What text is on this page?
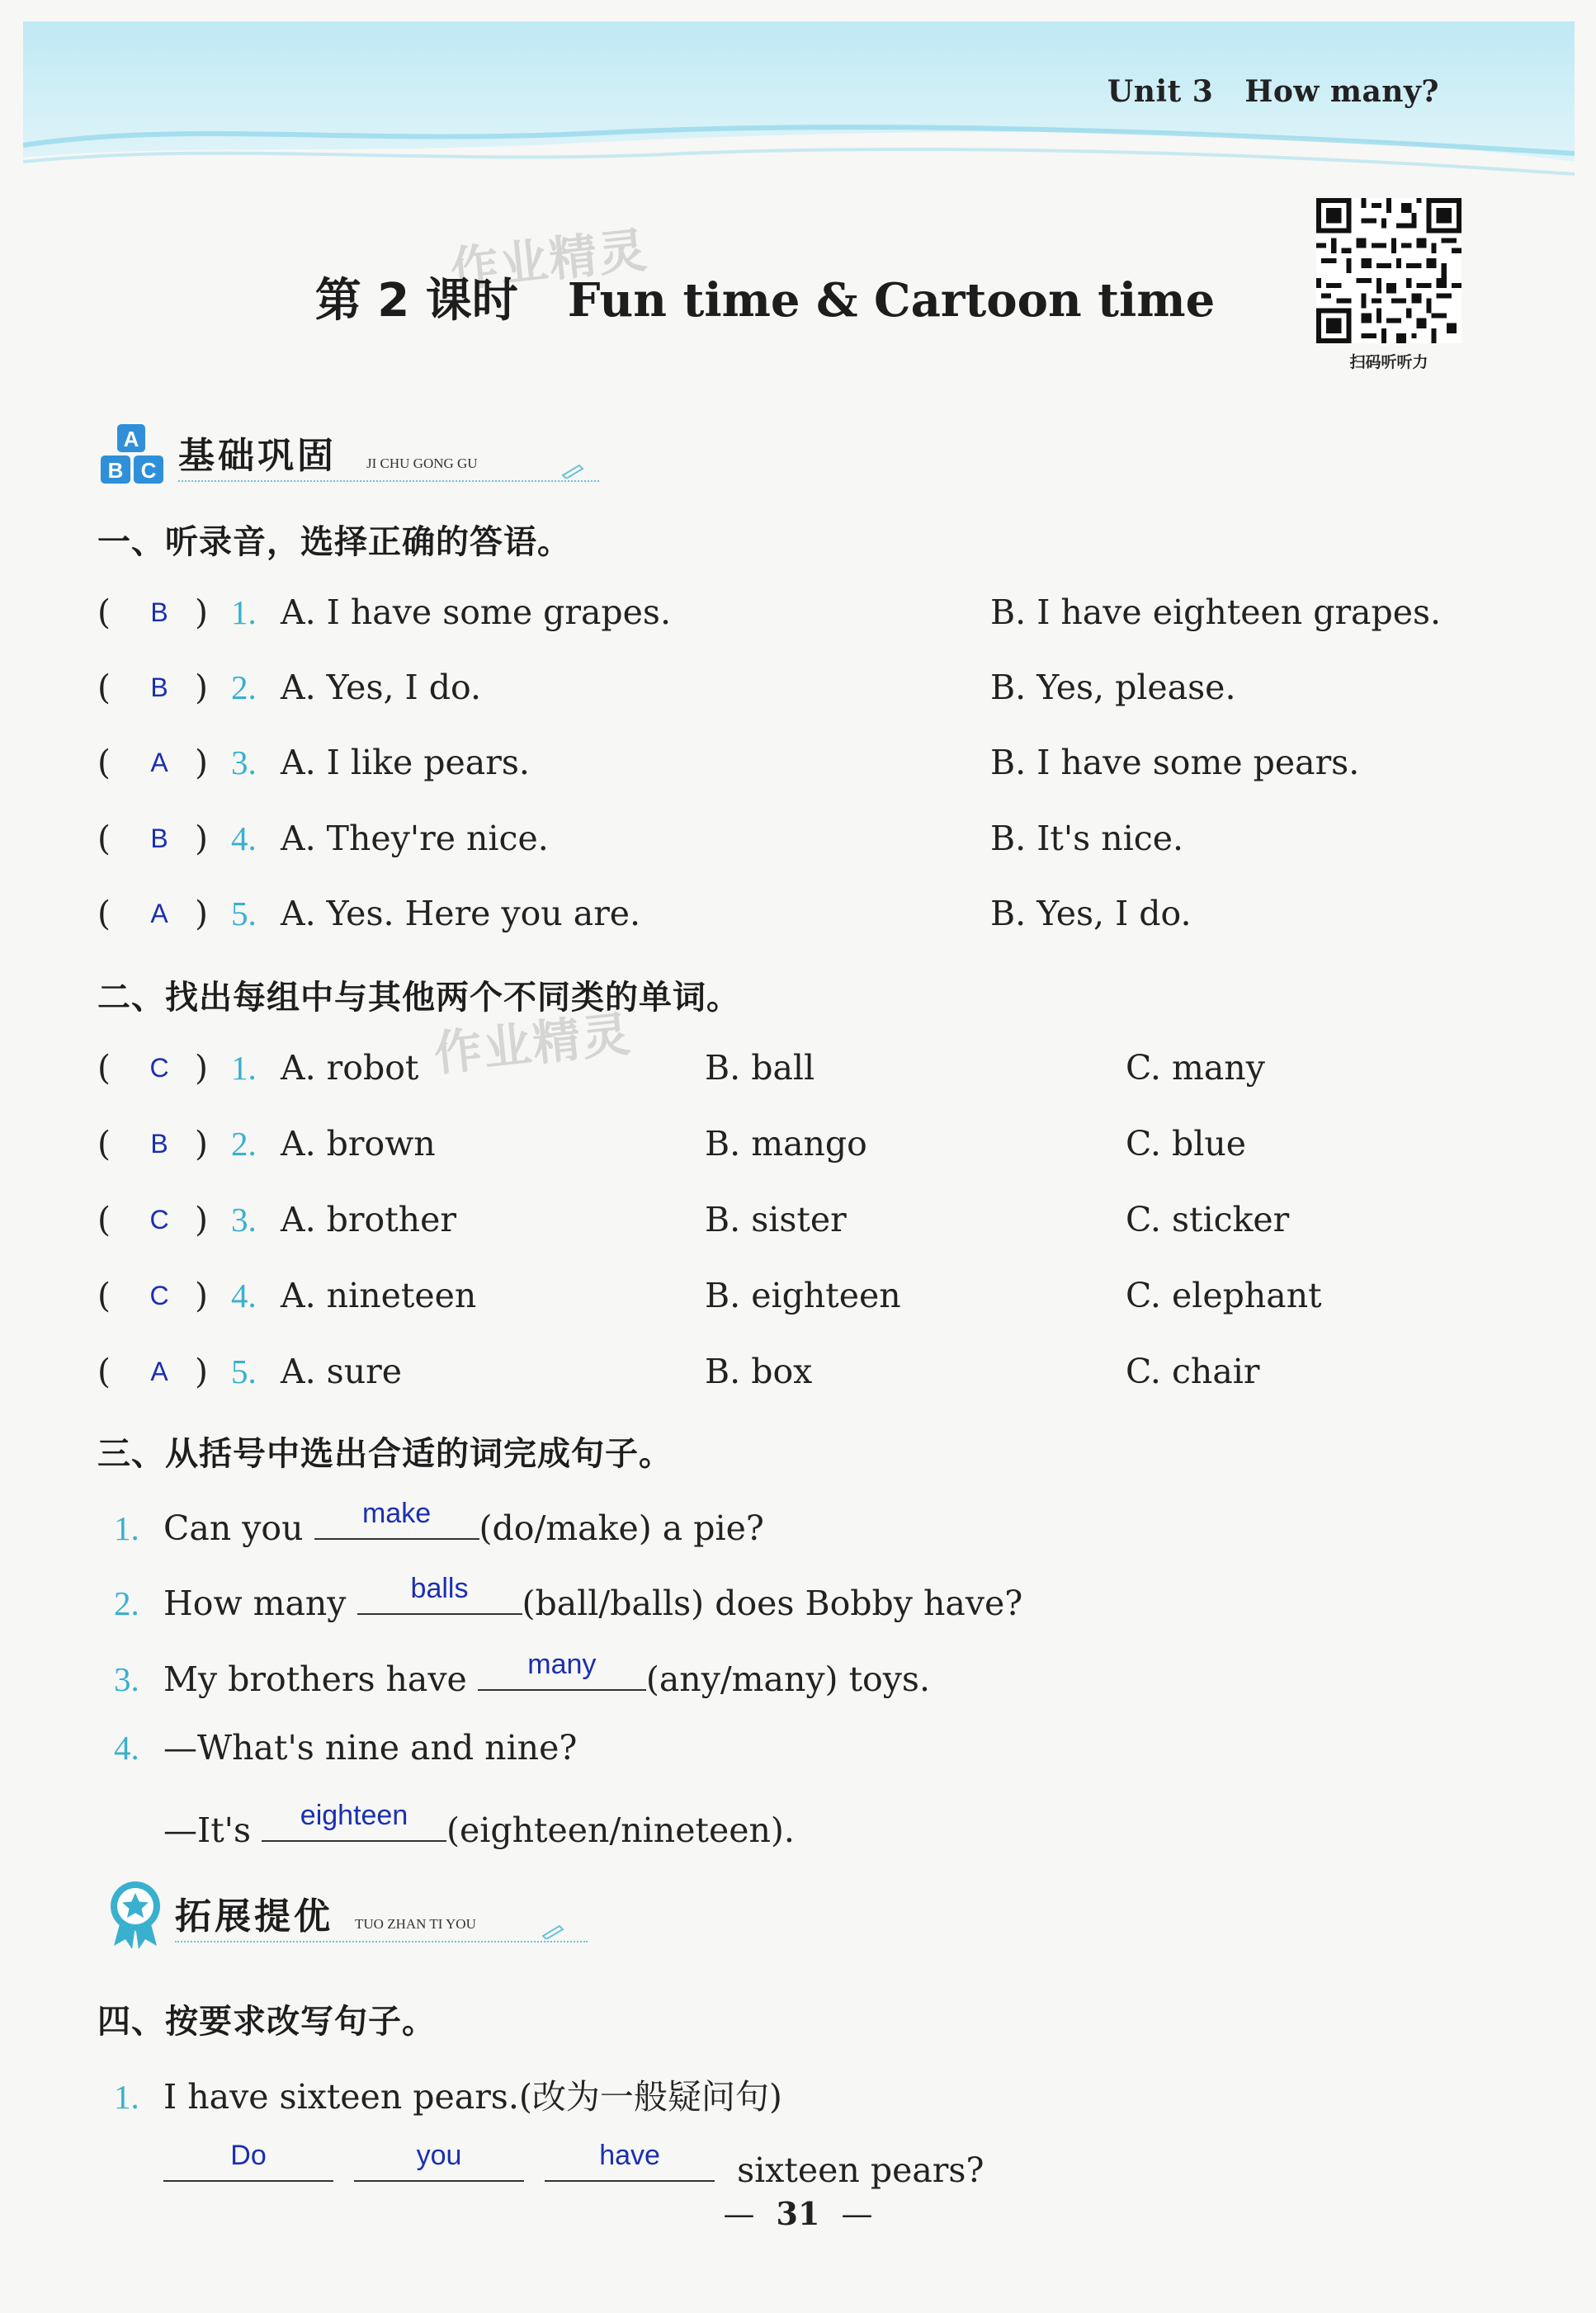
Unit 3 How many?
作业精灵
作业精灵
第 2 课时 Fun time & Cartoon time
扫码听听力
A
B C 基础巩固 JI CHU GONG GU
一、听录音，选择正确的答语。
(	B ) 1. A. I have some grapes.	B. I have eighteen grapes.
(	B ) 2. A. Yes, I do.	B. Yes, please.
(	A ) 3. A. I like pears.	B. I have some pears.
(	B ) 4. A. They're nice.	B. It's nice.
(	A ) 5. A. Yes. Here you are.	B. Yes, I do.
二、找出每组中与其他两个不同类的单词。
(	C ) 1. A. robot	B. ball	C. many
(	B ) 2. A. brown	B. mango	C. blue
(	C ) 3. A. brother	B. sister	C. sticker
(	C ) 4. A. nineteen	B. eighteen	C. elephant
(	A ) 5. A. sure	B. box	C. chair
三、从括号中选出合适的词完成句子。
1. Can you	make	(do/make) a pie?
2. How many	balls	(ball/balls) does Bobby have?
3. My brothers have	many	(any/many) toys.
4. —What's nine and nine?
—It's	eighteen	(eighteen/nineteen).
拓展提优 TUO ZHAN TI YOU
四、按要求改写句子。
1. I have sixteen pears.(改为一般疑问句)
Do
	you
	have	sixteen pears?
— 31 —
